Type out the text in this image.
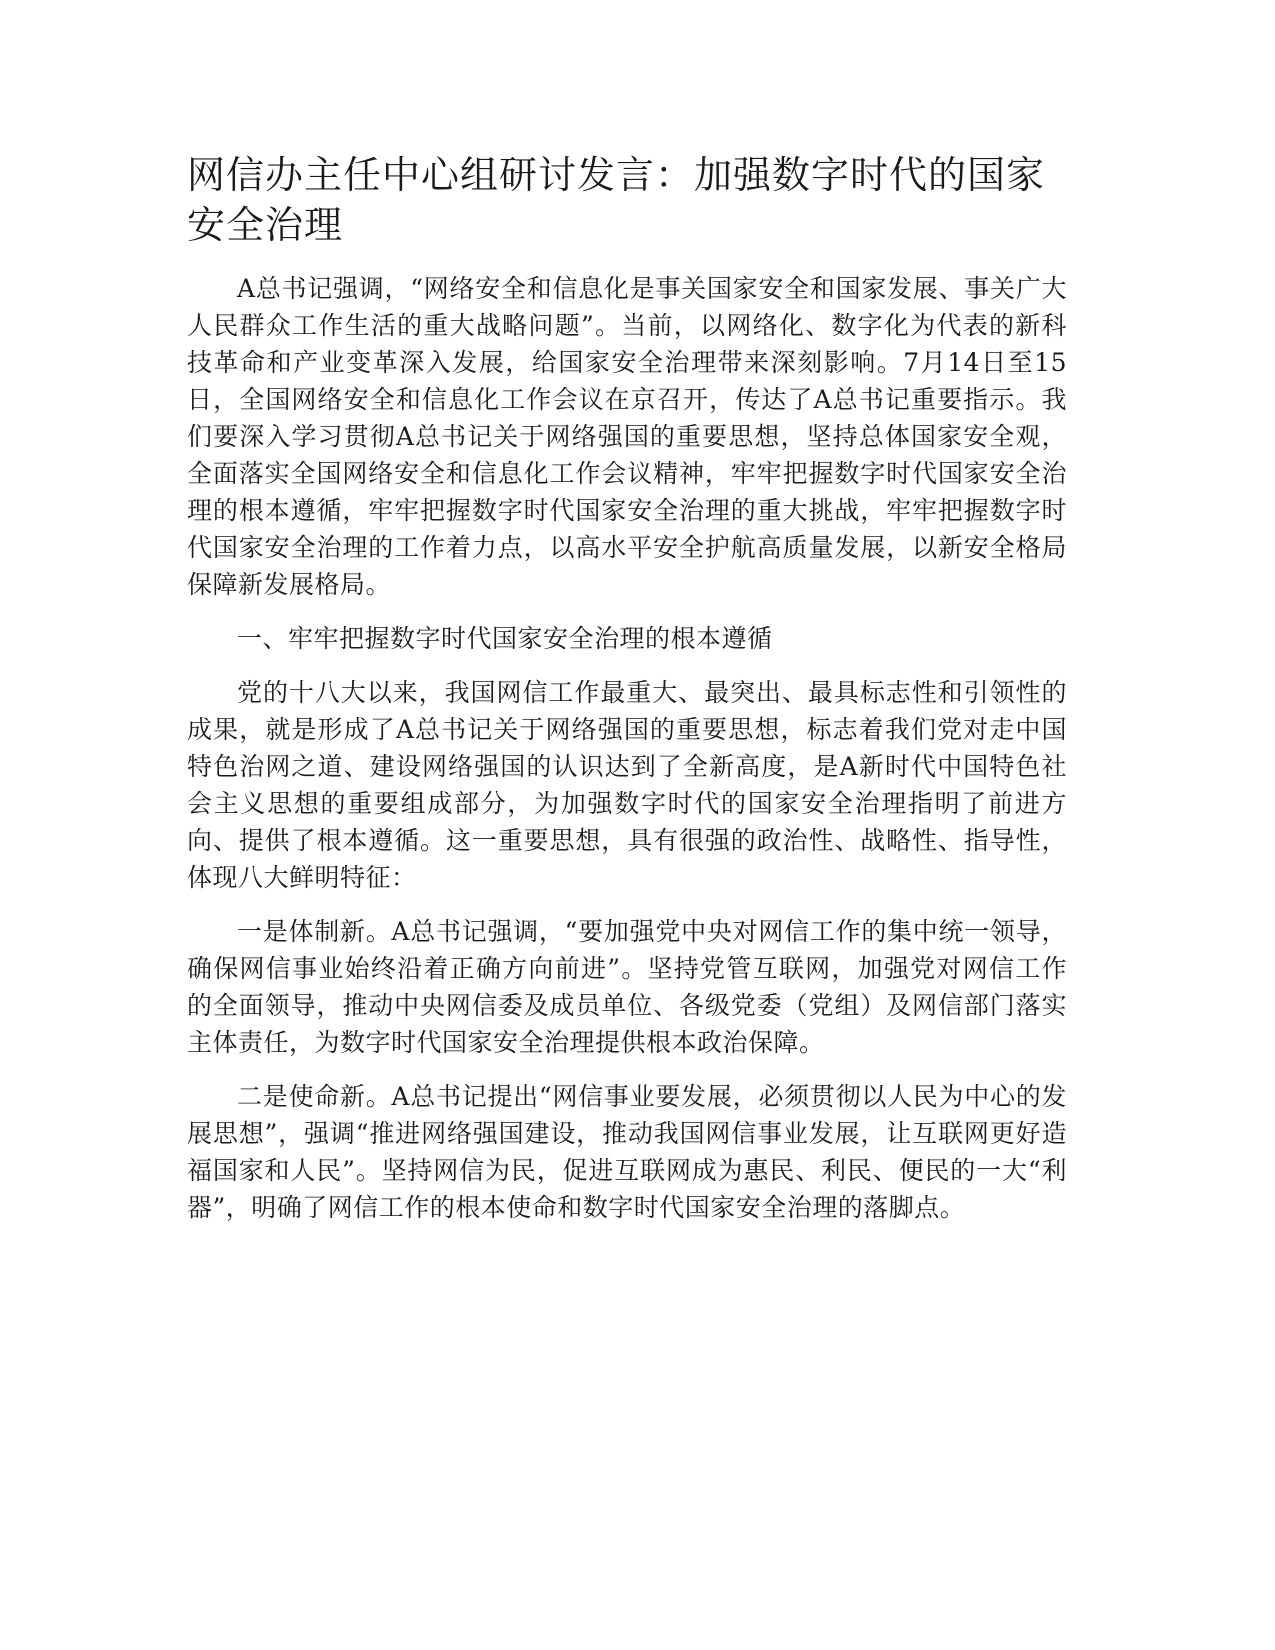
网信办主任中心组研讨发言：加强数字时代的国家安全治理

A总书记强调，“网络安全和信息化是事关国家安全和国家发展、事关广大人民群众工作生活的重大战略问题”。当前，以网络化、数字化为代表的新科技革命和产业变革深入发展，给国家安全治理带来深刻影响。7月14日至15日，全国网络安全和信息化工作会议在京召开，传达了A总书记重要指示。我们要深入学习贯彻A总书记关于网络强国的重要思想，坚持总体国家安全观，全面落实全国网络安全和信息化工作会议精神，牢牢把握数字时代国家安全治理的根本遵循，牢牢把握数字时代国家安全治理的重大挑战，牢牢把握数字时代国家安全治理的工作着力点，以高水平安全护航高质量发展，以新安全格局保障新发展格局。

一、牢牢把握数字时代国家安全治理的根本遵循

党的十八大以来，我国网信工作最重大、最突出、最具标志性和引领性的成果，就是形成了A总书记关于网络强国的重要思想，标志着我们党对走中国特色治网之道、建设网络强国的认识达到了全新高度，是A新时代中国特色社会主义思想的重要组成部分，为加强数字时代的国家安全治理指明了前进方向、提供了根本遵循。这一重要思想，具有很强的政治性、战略性、指导性，体现八大鲜明特征：

一是体制新。A总书记强调，“要加强党中央对网信工作的集中统一领导，确保网信事业始终沿着正确方向前进”。坚持党管互联网，加强党对网信工作的全面领导，推动中央网信委及成员单位、各级党委（党组）及网信部门落实主体责任，为数字时代国家安全治理提供根本政治保障。

二是使命新。A总书记提出“网信事业要发展，必须贯彻以人民为中心的发展思想”，强调“推进网络强国建设，推动我国网信事业发展，让互联网更好造福国家和人民”。坚持网信为民，促进互联网成为惠民、利民、便民的一大“利器”，明确了网信工作的根本使命和数字时代国家安全治理的落脚点。
